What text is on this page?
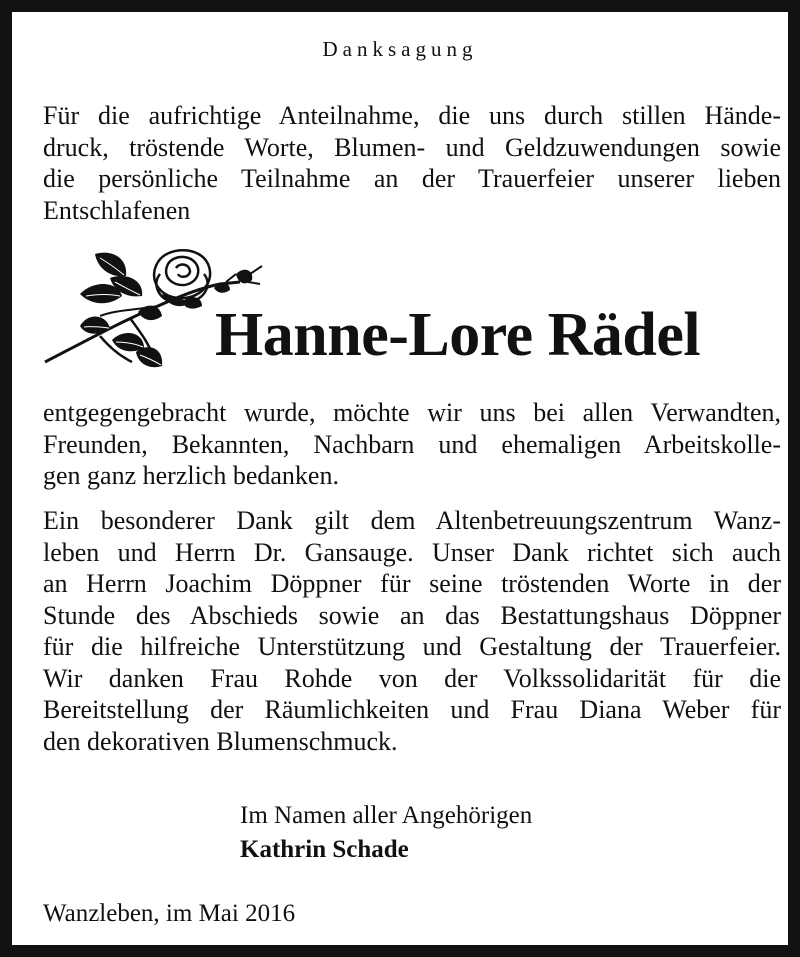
Danksagung

Für die aufrichtige Anteilnahme, die uns durch stillen Hände-
druck, tröstende Worte, Blumen- und Geldzuwendungen sowie
die persönliche Teilnahme an der Trauerfeier unserer lieben
Entschlafenen

Hanne-Lore Rädel

entgegengebracht wurde, möchte wir uns bei allen Verwandten,
Freunden, Bekannten, Nachbarn und ehemaligen Arbeitskolle-
gen ganz herzlich bedanken.

Ein besonderer Dank gilt dem Altenbetreuungszentrum Wanz-
leben und Herrn Dr. Gansauge. Unser Dank richtet sich auch
an Herrn Joachim Döppner für seine tröstenden Worte in der
Stunde des Abschieds sowie an das Bestattungshaus Döppner
für die hilfreiche Unterstützung und Gestaltung der Trauerfeier.
Wir danken Frau Rohde von der Volkssolidarität für die
Bereitstellung der Räumlichkeiten und Frau Diana Weber für
den dekorativen Blumenschmuck.

Im Namen aller Angehörigen
Kathrin Schade
Wanzleben, im Mai 2016
